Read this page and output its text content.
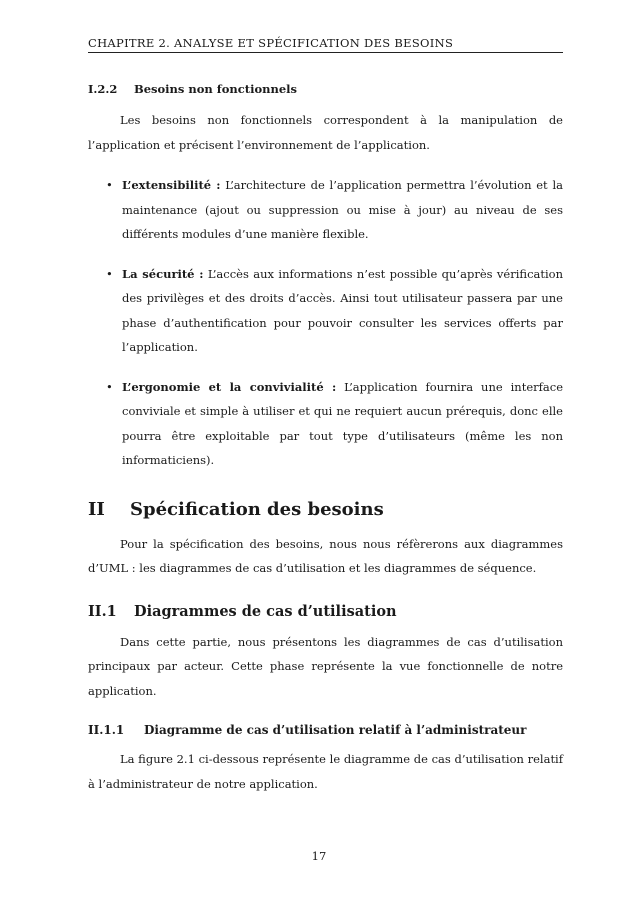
CHAPITRE 2. ANALYSE ET SPÉCIFICATION DES BESOINS
I.2.2 Besoins non fonctionnels

Les besoins non fonctionnels correspondent à la manipulation de l’application et précisent l’environnement de l’application.

• L’extensibilité : L’architecture de l’application permettra l’évolution et la maintenance (ajout ou suppression ou mise à jour) au niveau de ses différents modules d’une manière flexible.
• La sécurité : L’accès aux informations n’est possible qu’après vérification des privilèges et des droits d’accès. Ainsi tout utilisateur passera par une phase d’authentification pour pouvoir consulter les services offerts par l’application.
• L’ergonomie et la convivialité : L’application fournira une interface conviviale et simple à utiliser et qui ne requiert aucun prérequis, donc elle pourra être exploitable par tout type d’utilisateurs (même les non informaticiens).
II Spécification des besoins

Pour la spécification des besoins, nous nous réfèrerons aux diagrammes d’UML : les diagrammes de cas d’utilisation et les diagrammes de séquence.

II.1 Diagrammes de cas d’utilisation

Dans cette partie, nous présentons les diagrammes de cas d’utilisation principaux par acteur. Cette phase représente la vue fonctionnelle de notre application.

II.1.1 Diagramme de cas d’utilisation relatif à l’administrateur

La figure 2.1 ci-dessous représente le diagramme de cas d’utilisation relatif à l’administrateur de notre application.

17
